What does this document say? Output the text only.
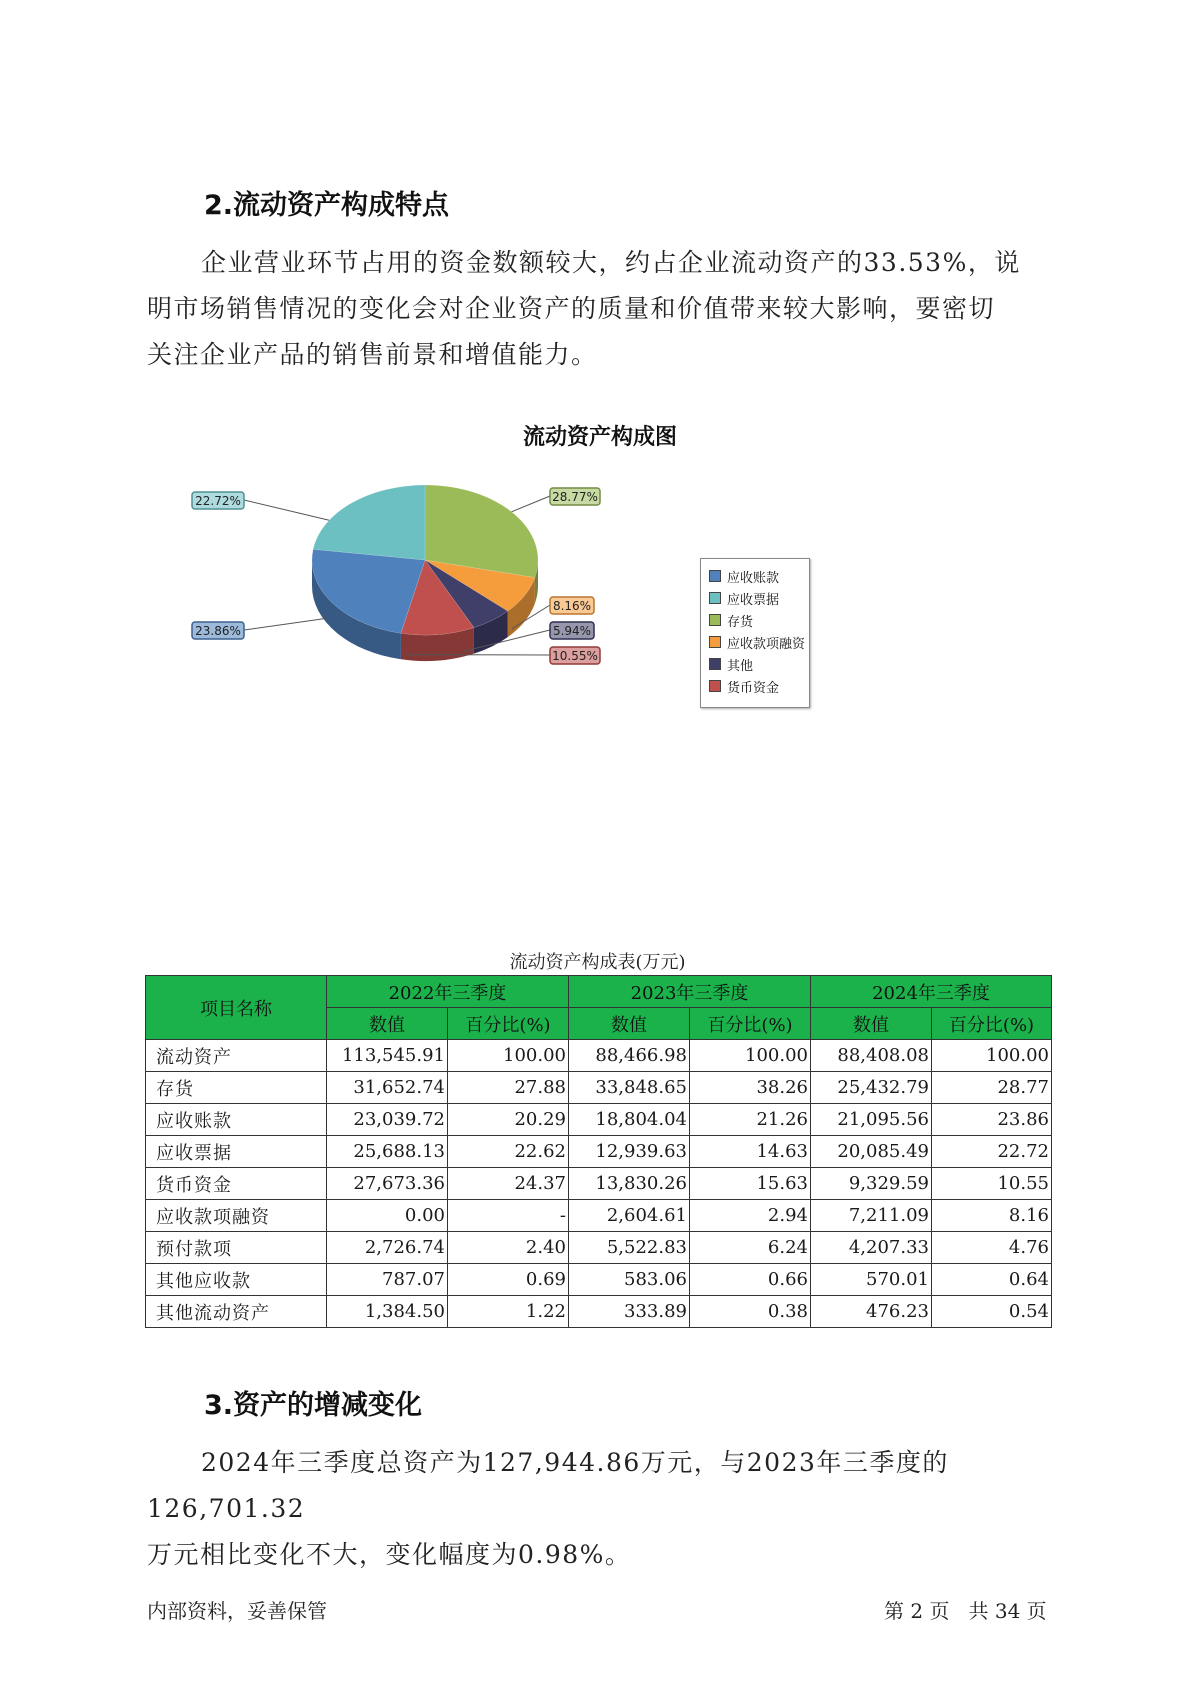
2.流动资产构成特点

企业营业环节占用的资金数额较大，约占企业流动资产的33.53%，说

明市场销售情况的变化会对企业资产的质量和价值带来较大影响，要密切

关注企业产品的销售前景和增值能力。

流动资产构成图
23.86%
22.72%	28.77%
8.16%
5.94%
10.55%
应收账款
应收票据
存货
应收款项融资
其他
货币资金
流动资产构成表(万元)
项目名称	2022年三季度		2023年三季度		2024年三季度	
	数值	百分比(%)	数值	百分比(%)	数值	百分比(%)
流动资产	113,545.91	100.00	88,466.98	100.00	88,408.08	100.00
存货	31,652.74	27.88	33,848.65	38.26	25,432.79	28.77
应收账款	23,039.72	20.29	18,804.04	21.26	21,095.56	23.86
应收票据	25,688.13	22.62	12,939.63	14.63	20,085.49	22.72
货币资金	27,673.36	24.37	13,830.26	15.63	9,329.59	10.55
应收款项融资	0.00	-	2,604.61	2.94	7,211.09	8.16
预付款项	2,726.74	2.40	5,522.83	6.24	4,207.33	4.76
其他应收款	787.07	0.69	583.06	0.66	570.01	0.64
其他流动资产	1,384.50	1.22	333.89	0.38	476.23	0.54
3.资产的增减变化

2024年三季度总资产为127,944.86万元，与2023年三季度的126,701.32

万元相比变化不大，变化幅度为0.98%。

内部资料，妥善保管	第 2 页   共 34 页
